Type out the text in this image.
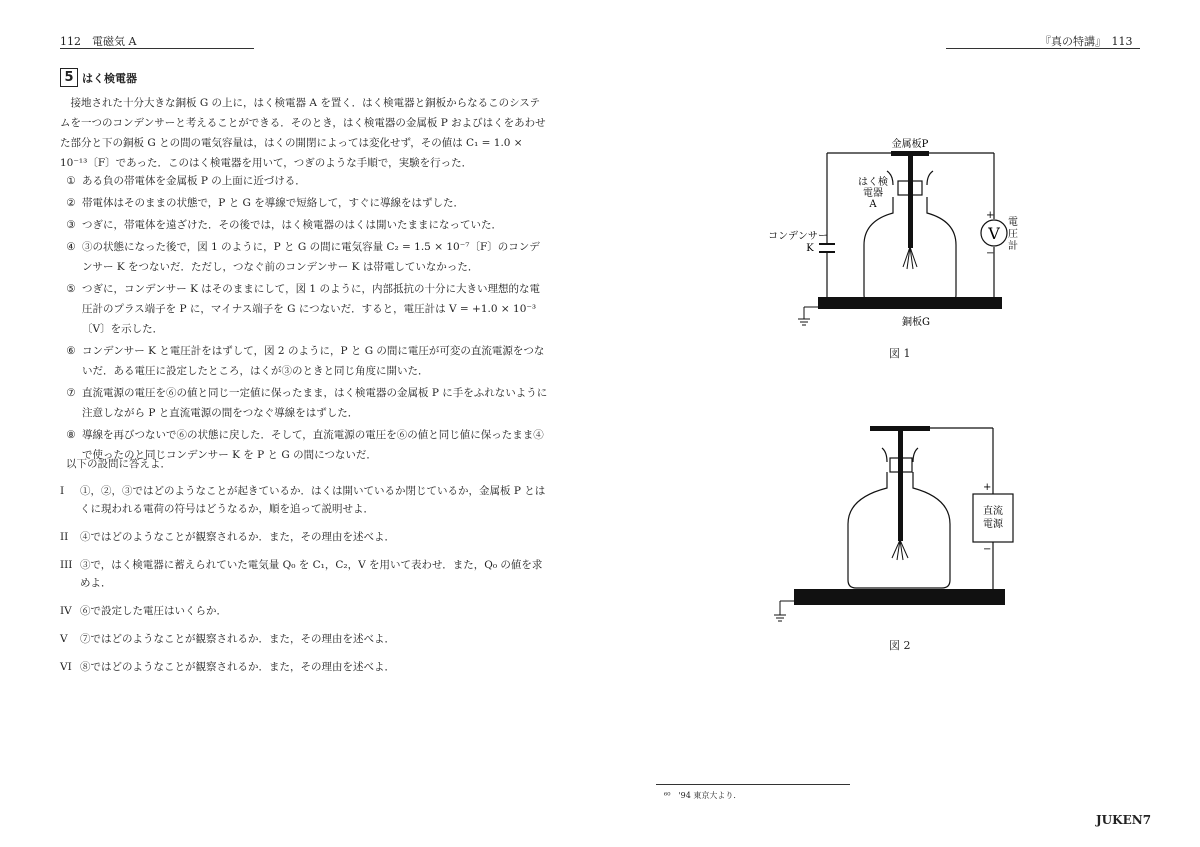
112　電磁気 A
5 はく検電器

接地された十分大きな銅板 G の上に，はく検電器 A を置く．はく検電器と銅板からなるこのシステムを一つのコンデンサーと考えることができる．そのとき，はく検電器の金属板 P およびはくをあわせた部分と下の銅板 G との間の電気容量は，はくの開閉によっては変化せず，その値は C₁ = 1.0 × 10⁻¹³〔F〕であった．このはく検電器を用いて，つぎのような手順で，実験を行った．

① ある負の帯電体を金属板 P の上面に近づける．
② 帯電体はそのままの状態で，P と G を導線で短絡して，すぐに導線をはずした．
③ つぎに，帯電体を遠ざけた．その後では，はく検電器のはくは開いたままになっていた．
④ ③の状態になった後で，図 1 のように，P と G の間に電気容量 C₂ = 1.5 × 10⁻⁷〔F〕のコンデンサー K をつないだ．ただし，つなぐ前のコンデンサー K は帯電していなかった．
⑤ つぎに，コンデンサー K はそのままにして，図 1 のように，内部抵抗の十分に大きい理想的な電圧計のプラス端子を P に，マイナス端子を G につないだ．すると，電圧計は V = +1.0 × 10⁻³〔V〕を示した．
⑥ コンデンサー K と電圧計をはずして，図 2 のように，P と G の間に電圧が可変の直流電源をつないだ．ある電圧に設定したところ，はくが③のときと同じ角度に開いた．
⑦ 直流電源の電圧を⑥の値と同じ一定値に保ったまま，はく検電器の金属板 P に手をふれないように注意しながら P と直流電源の間をつなぐ導線をはずした．
⑧ 導線を再びつないで⑥の状態に戻した．そして，直流電源の電圧を⑥の値と同じ値に保ったまま④で使ったのと同じコンデンサー K を P と G の間につないだ．
以下の設問に答えよ．
I	①，②，③ではどのようなことが起きているか．はくは開いているか閉じているか，金属板 P とはくに現われる電荷の符号はどうなるか，順を追って説明せよ．
II	④ではどのようなことが観察されるか．また，その理由を述べよ．
III ③で，はく検電器に蓄えられていた電気量 Q₀ を C₁，C₂，V を用いて表わせ．また，Q₀ の値を求めよ．
IV ⑥で設定した電圧はいくらか．
V	⑦ではどのようなことが観察されるか．また，その理由を述べよ．
VI ⑧ではどのようなことが観察されるか．また，その理由を述べよ．
『真の特講』　113
V
+
−
電
圧
計
金属板P
はく検
電器
A
コンデンサー
K
銅板G
図 1
直流
電源
+
−
図 2
⁶⁰　'94 東京大より．
JUKEN7
